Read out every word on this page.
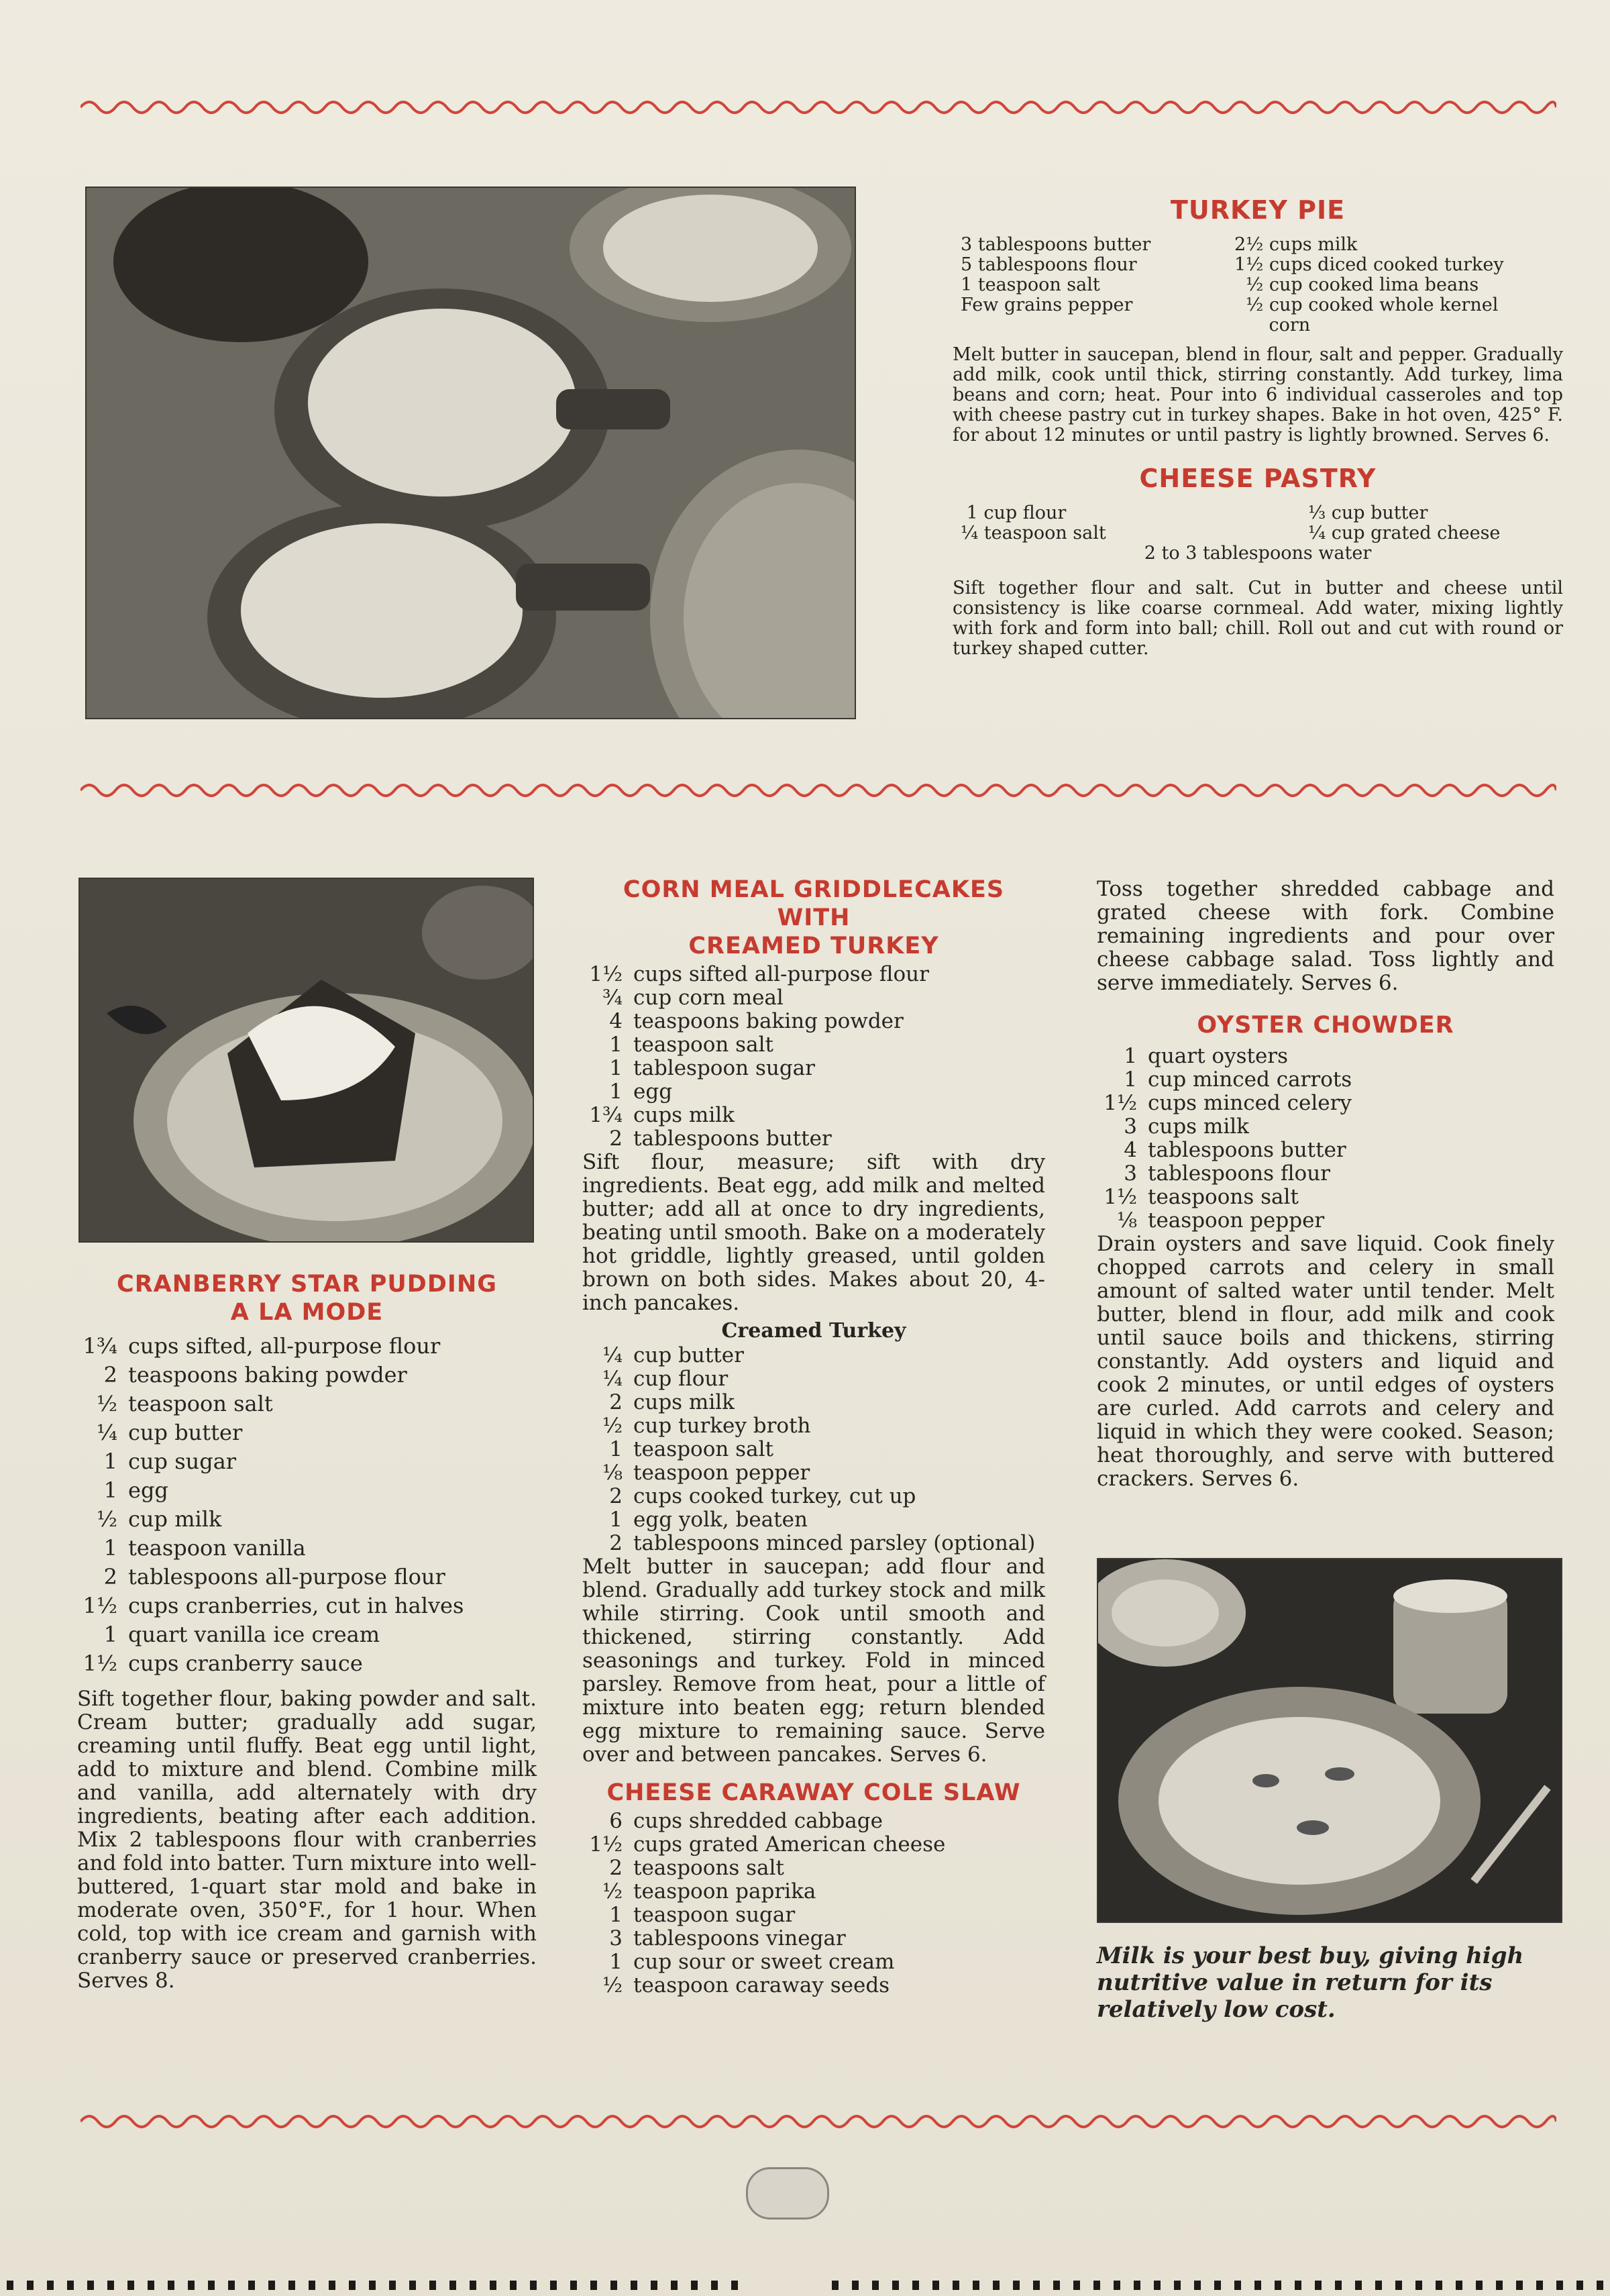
TURKEY PIE
3 tablespoons butter
5 tablespoons flour
1 teaspoon salt
Few grains pepper
2½ cups milk
1½ cups diced cooked turkey
½ cup cooked lima beans
½ cup cooked whole kernel
corn

Melt butter in saucepan, blend in flour, salt and pepper. Gradually add milk, cook until thick, stirring constantly. Add turkey, lima beans and corn; heat. Pour into 6 individual casseroles and top with cheese pastry cut in turkey shapes. Bake in hot oven, 425° F. for about 12 minutes or until pastry is lightly browned. Serves 6.

CHEESE PASTRY
1 cup flour
¼ teaspoon salt
⅓ cup butter
¼ cup grated cheese
2 to 3 tablespoons water

Sift together flour and salt. Cut in butter and cheese until consistency is like coarse cornmeal. Add water, mixing lightly with fork and form into ball; chill. Roll out and cut with round or turkey shaped cutter.

CRANBERRY STAR PUDDING
A LA MODE
1¾ cups sifted, all-purpose flour
2 teaspoons baking powder
½ teaspoon salt
¼ cup butter
1 cup sugar
1 egg
½ cup milk
1 teaspoon vanilla
2 tablespoons all-purpose flour
1½ cups cranberries, cut in halves
1 quart vanilla ice cream
1½ cups cranberry sauce

Sift together flour, baking powder and salt. Cream butter; gradually add sugar, creaming until fluffy. Beat egg until light, add to mixture and blend. Combine milk and vanilla, add alternately with dry ingredients, beating after each addition. Mix 2 tablespoons flour with cranberries and fold into batter. Turn mixture into well-buttered, 1-quart star mold and bake in moderate oven, 350°F., for 1 hour. When cold, top with ice cream and garnish with cranberry sauce or preserved cranberries. Serves 8.

CORN MEAL GRIDDLECAKES WITH
CREAMED TURKEY
1½ cups sifted all-purpose flour
¾ cup corn meal
4 teaspoons baking powder
1 teaspoon salt
1 tablespoon sugar
1 egg
1¾ cups milk
2 tablespoons butter

Sift flour, measure; sift with dry ingredients. Beat egg, add milk and melted butter; add all at once to dry ingredients, beating until smooth. Bake on a moderately hot griddle, lightly greased, until golden brown on both sides. Makes about 20, 4-inch pancakes.

Creamed Turkey
¼ cup butter
¼ cup flour
2 cups milk
½ cup turkey broth
1 teaspoon salt
⅛ teaspoon pepper
2 cups cooked turkey, cut up
1 egg yolk, beaten
2 tablespoons minced parsley (optional)

Melt butter in saucepan; add flour and blend. Gradually add turkey stock and milk while stirring. Cook until smooth and thickened, stirring constantly. Add seasonings and turkey. Fold in minced parsley. Remove from heat, pour a little of mixture into beaten egg; return blended egg mixture to remaining sauce. Serve over and between pancakes. Serves 6.

CHEESE CARAWAY COLE SLAW
6 cups shredded cabbage
1½ cups grated American cheese
2 teaspoons salt
½ teaspoon paprika
1 teaspoon sugar
3 tablespoons vinegar
1 cup sour or sweet cream
½ teaspoon caraway seeds

Toss together shredded cabbage and grated cheese with fork. Combine remaining ingredients and pour over cheese cabbage salad. Toss lightly and serve immediately. Serves 6.

OYSTER CHOWDER
1 quart oysters
1 cup minced carrots
1½ cups minced celery
3 cups milk
4 tablespoons butter
3 tablespoons flour
1½ teaspoons salt
⅛ teaspoon pepper

Drain oysters and save liquid. Cook finely chopped carrots and celery in small amount of salted water until tender. Melt butter, blend in flour, add milk and cook until sauce boils and thickens, stirring constantly. Add oysters and liquid and cook 2 minutes, or until edges of oysters are curled. Add carrots and celery and liquid in which they were cooked. Season; heat thoroughly, and serve with buttered crackers. Serves 6.

Milk is your best buy, giving high nutritive value in return for its relatively low cost.
